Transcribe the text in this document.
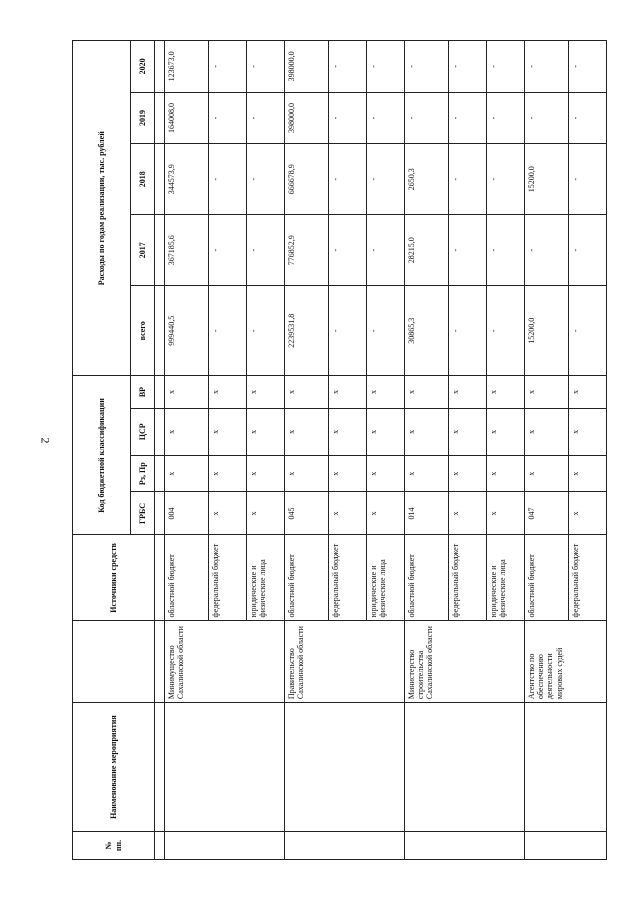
2
№ пп.	Наименование мероприятия		Источники средств	Код бюджетной классификации				Расходы по годам реализации, тыс. рублей				
				ГРБС	Рз, Пр	ЦСР	ВР	всего	2017	2018	2019	2020

		Минимущество Сахалинской области	областной бюджет	004	x	x	x	999440,5	367185,6	344573,9	164008,0	123673,0
			федеральный бюджет	x	x	x	x	-	-	-	-	-
			юридические и физические лица	x	x	x	x	-	-	-	-	-
		Правительство Сахалинской области	областной бюджет	045	x	x	x	2239531,8	776852,9	666678,9	398000,0	398000,0
			федеральный бюджет	x	x	x	x	-	-	-	-	-
			юридические и физические лица	x	x	x	x	-	-	-	-	-
		Министерство строительства Сахалинской области	областной бюджет	014	x	x	x	30865,3	28215,0	2650,3	-	-
			федеральный бюджет	x	x	x	x	-	-	-	-	-
			юридические и физические лица	x	x	x	x	-	-	-	-	-
		Агентство по обеспечению деятельности мировых судей	областной бюджет	047	x	x	x	15200,0	-	15200,0	-	-
			федеральный бюджет	x	x	x	x	-	-	-	-	-
